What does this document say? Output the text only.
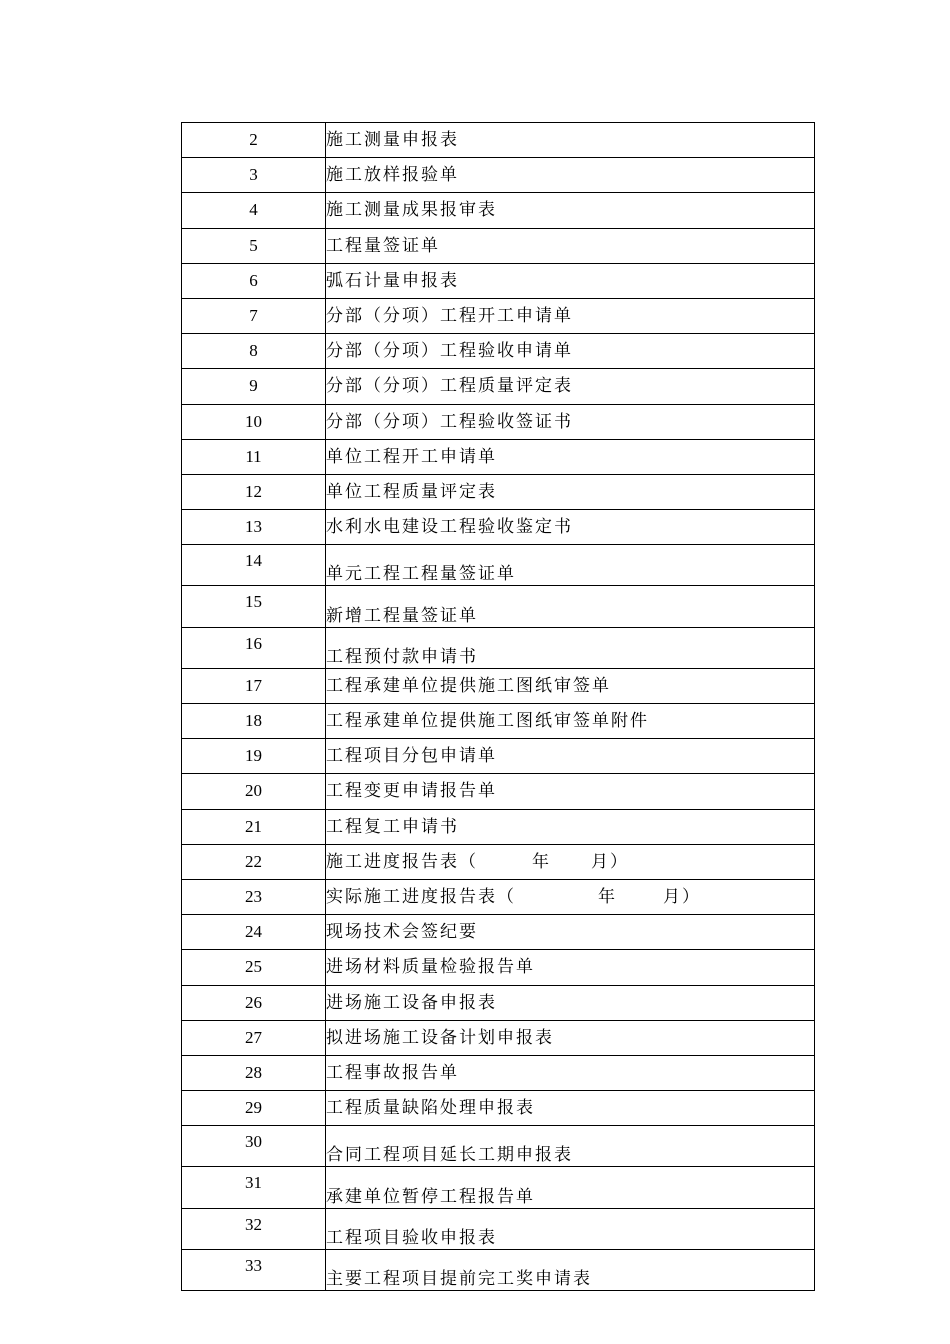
2	施工测量申报表
3	施工放样报验单
4	施工测量成果报审表
5	工程量签证单
6	弧石计量申报表
7	分部（分项）工程开工申请单
8	分部（分项）工程验收申请单
9	分部（分项）工程质量评定表
10	分部（分项）工程验收签证书
11	单位工程开工申请单
12	单位工程质量评定表
13	水利水电建设工程验收鉴定书
14	单元工程工程量签证单
15	新增工程量签证单
16	工程预付款申请书
17	工程承建单位提供施工图纸审签单
18	工程承建单位提供施工图纸审签单附件
19	工程项目分包申请单
20	工程变更申请报告单
21	工程复工申请书
22	施工进度报告表（ 年 月）
23	实际施工进度报告表（ 年 月）
24	现场技术会签纪要
25	进场材料质量检验报告单
26	进场施工设备申报表
27	拟进场施工设备计划申报表
28	工程事故报告单
29	工程质量缺陷处理申报表
30	合同工程项目延长工期申报表
31	承建单位暂停工程报告单
32	工程项目验收申报表
33	主要工程项目提前完工奖申请表
